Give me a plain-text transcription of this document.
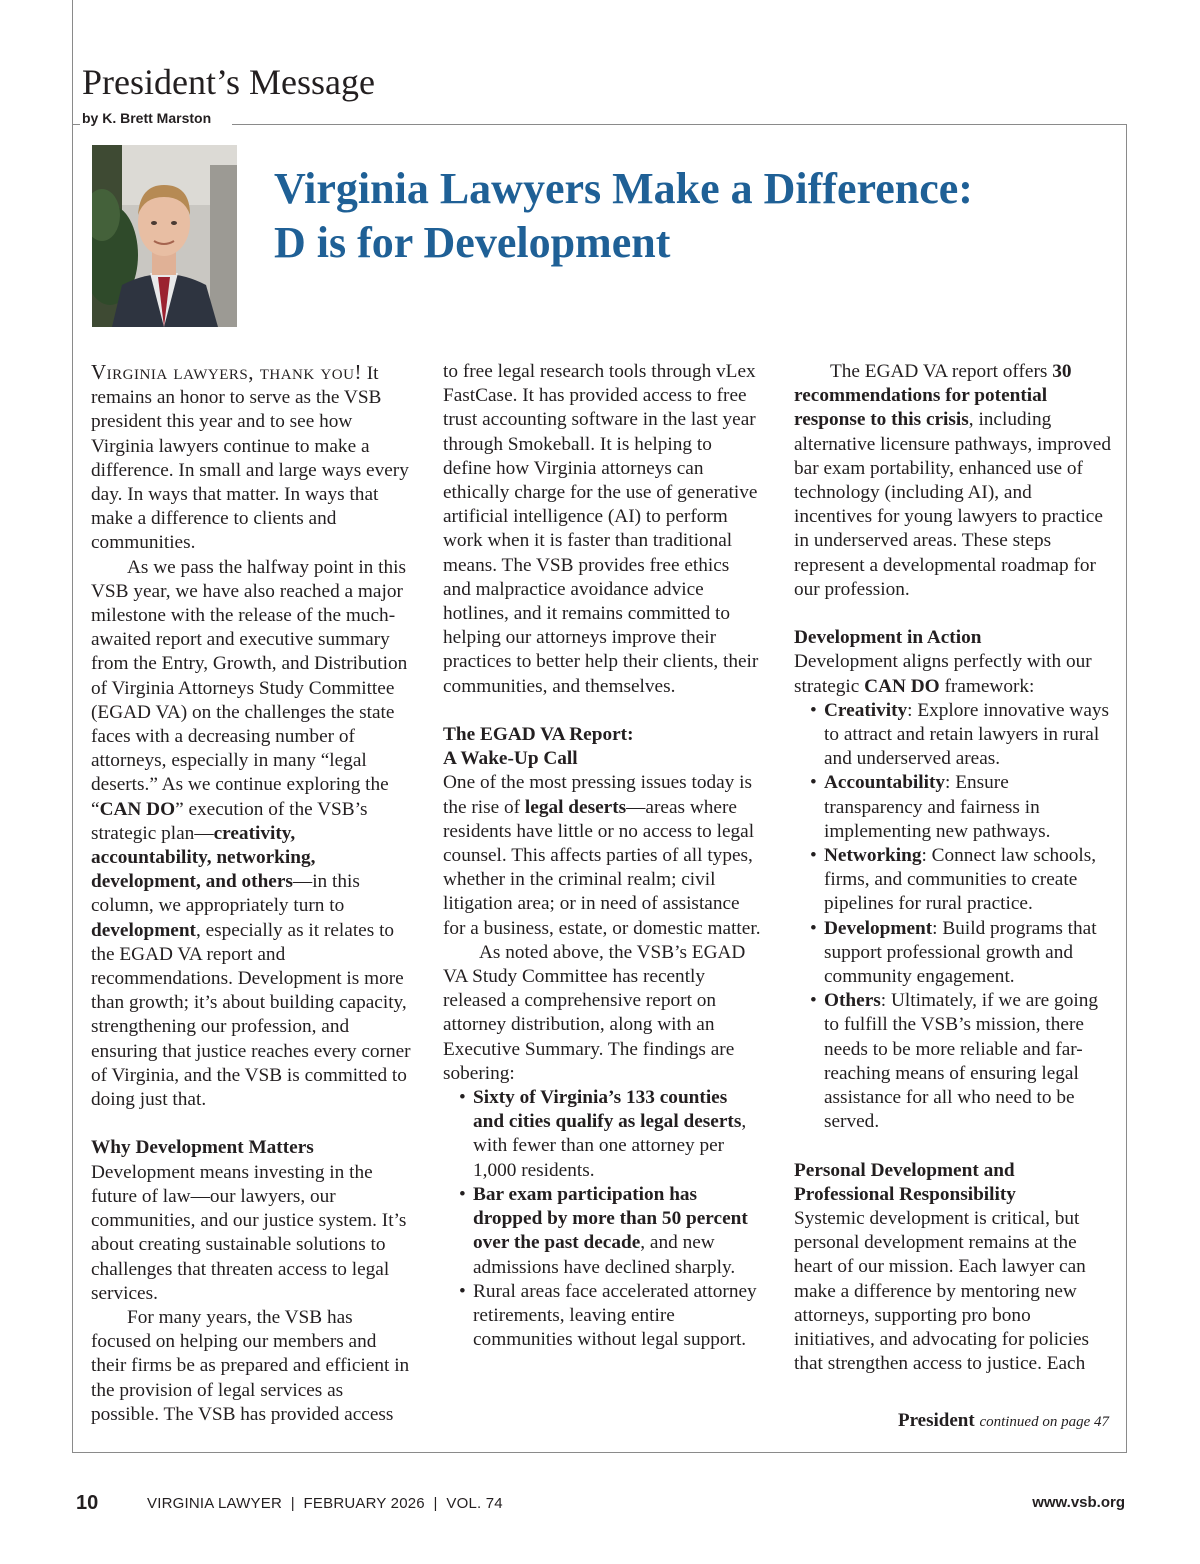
President’s Message
by K. Brett Marston
Virginia Lawyers Make a Difference:
D is for Development

Virginia lawyers, thank you! It remains an honor to serve as the VSB president this year and to see how Virginia lawyers continue to make a difference. In small and large ways every day. In ways that matter. In ways that make a difference to clients and communities.

As we pass the halfway point in this VSB year, we have also reached a major milestone with the release of the much-awaited report and executive summary from the Entry, Growth, and Distribution of Virginia Attorneys Study Committee (EGAD VA) on the challenges the state faces with a decreasing number of attorneys, especially in many “legal deserts.” As we continue exploring the “CAN DO” execution of the VSB’s strategic plan—creativity, accountability, networking, development, and others—in this column, we appropriately turn to development, especially as it relates to the EGAD VA report and recommendations. Development is more than growth; it’s about building capacity, strengthening our profession, and ensuring that justice reaches every corner of Virginia, and the VSB is committed to doing just that.

Why Development Matters

Development means investing in the future of law—our lawyers, our communities, and our justice system. It’s about creating sustainable solutions to challenges that threaten access to legal services.

For many years, the VSB has focused on helping our members and their firms be as prepared and efficient in the provision of legal services as possible. The VSB has provided access

to free legal research tools through vLex FastCase. It has provided access to free trust accounting software in the last year through Smokeball. It is helping to define how Virginia attorneys can ethically charge for the use of generative artificial intelligence (AI) to perform work when it is faster than traditional means. The VSB provides free ethics and malpractice avoidance advice hotlines, and it remains committed to helping our attorneys improve their practices to better help their clients, their communities, and themselves.

The EGAD VA Report:
A Wake-Up Call

One of the most pressing issues today is the rise of legal deserts—areas where residents have little or no access to legal counsel. This affects parties of all types, whether in the criminal realm; civil litigation area; or in need of assistance for a business, estate, or domestic matter.

As noted above, the VSB’s EGAD VA Study Committee has recently released a comprehensive report on attorney distribution, along with an Executive Summary. The findings are sobering:

• Sixty of Virginia’s 133 counties and cities qualify as legal deserts, with fewer than one attorney per 1,000 residents.
• Bar exam participation has dropped by more than 50 percent over the past decade, and new admissions have declined sharply.
• Rural areas face accelerated attorney retirements, leaving entire communities without legal support.

The EGAD VA report offers 30 recommendations for potential response to this crisis, including alternative licensure pathways, improved bar exam portability, enhanced use of technology (including AI), and incentives for young lawyers to practice in underserved areas. These steps represent a developmental roadmap for our profession.

Development in Action

Development aligns perfectly with our strategic CAN DO framework:

• Creativity: Explore innovative ways to attract and retain lawyers in rural and underserved areas.
• Accountability: Ensure transparency and fairness in implementing new pathways.
• Networking: Connect law schools, firms, and communities to create pipelines for rural practice.
• Development: Build programs that support professional growth and community engagement.
• Others: Ultimately, if we are going to fulfill the VSB’s mission, there needs to be more reliable and far-reaching means of ensuring legal assistance for all who need to be served.
Personal Development and
Professional Responsibility

Systemic development is critical, but personal development remains at the heart of our mission. Each lawyer can make a difference by mentoring new attorneys, supporting pro bono initiatives, and advocating for policies that strengthen access to justice. Each

President continued on page 47
10	VIRGINIA LAWYER  |  FEBRUARY 2026  |  VOL. 74	www.vsb.org
